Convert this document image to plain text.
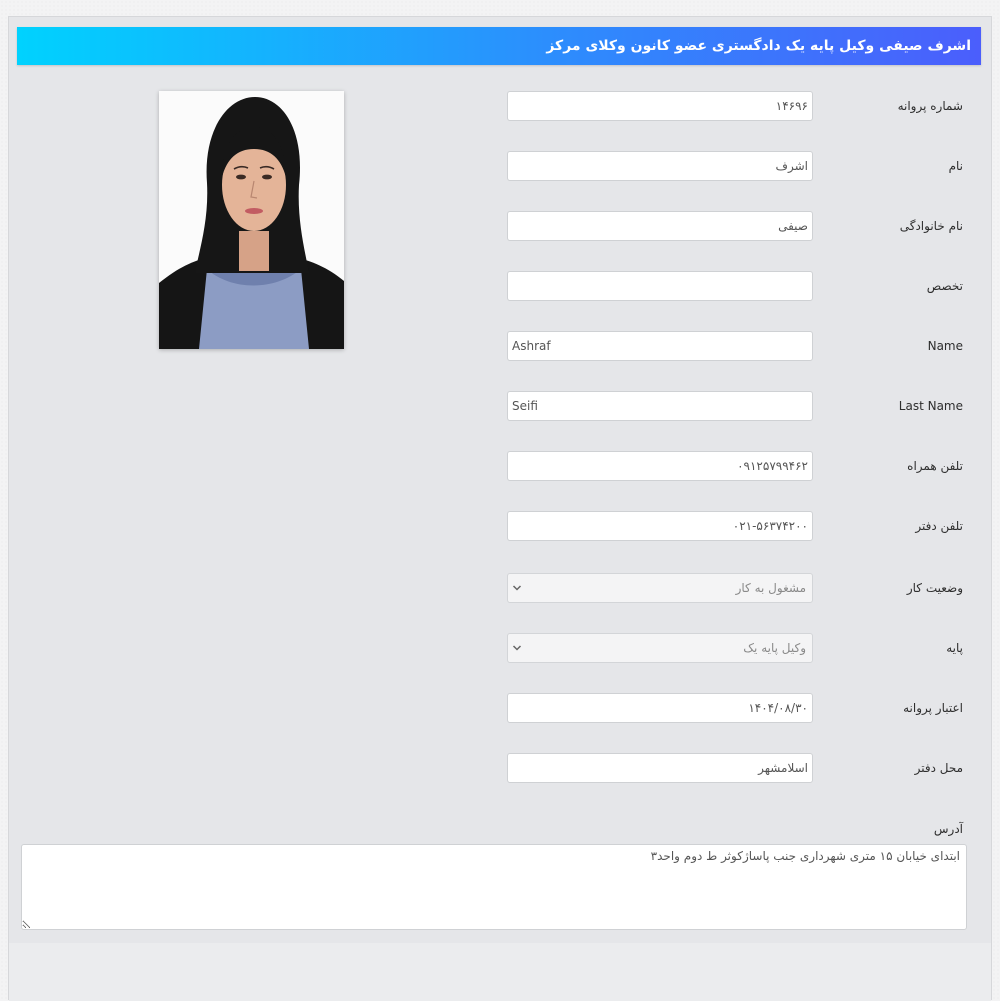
اشرف صیفی وکیل پایه یک دادگستری عضو کانون وکلای مرکز
شماره پروانه
۱۴۶۹۶
نام
اشرف
نام خانوادگی
صیفی
تخصص
Name
Ashraf
Last Name
Seifi
تلفن همراه
۰۹۱۲۵۷۹۹۴۶۲
تلفن دفتر
۰۲۱-۵۶۳۷۴۲۰۰
وضعیت کار
مشغول به کار
پایه
وکیل پایه یک
اعتبار پروانه
۱۴۰۴/۰۸/۳۰
محل دفتر
اسلامشهر
آدرس
ابتدای خیابان ۱۵ متری شهرداری جنب پاساژکوثر ط دوم واحد۳
